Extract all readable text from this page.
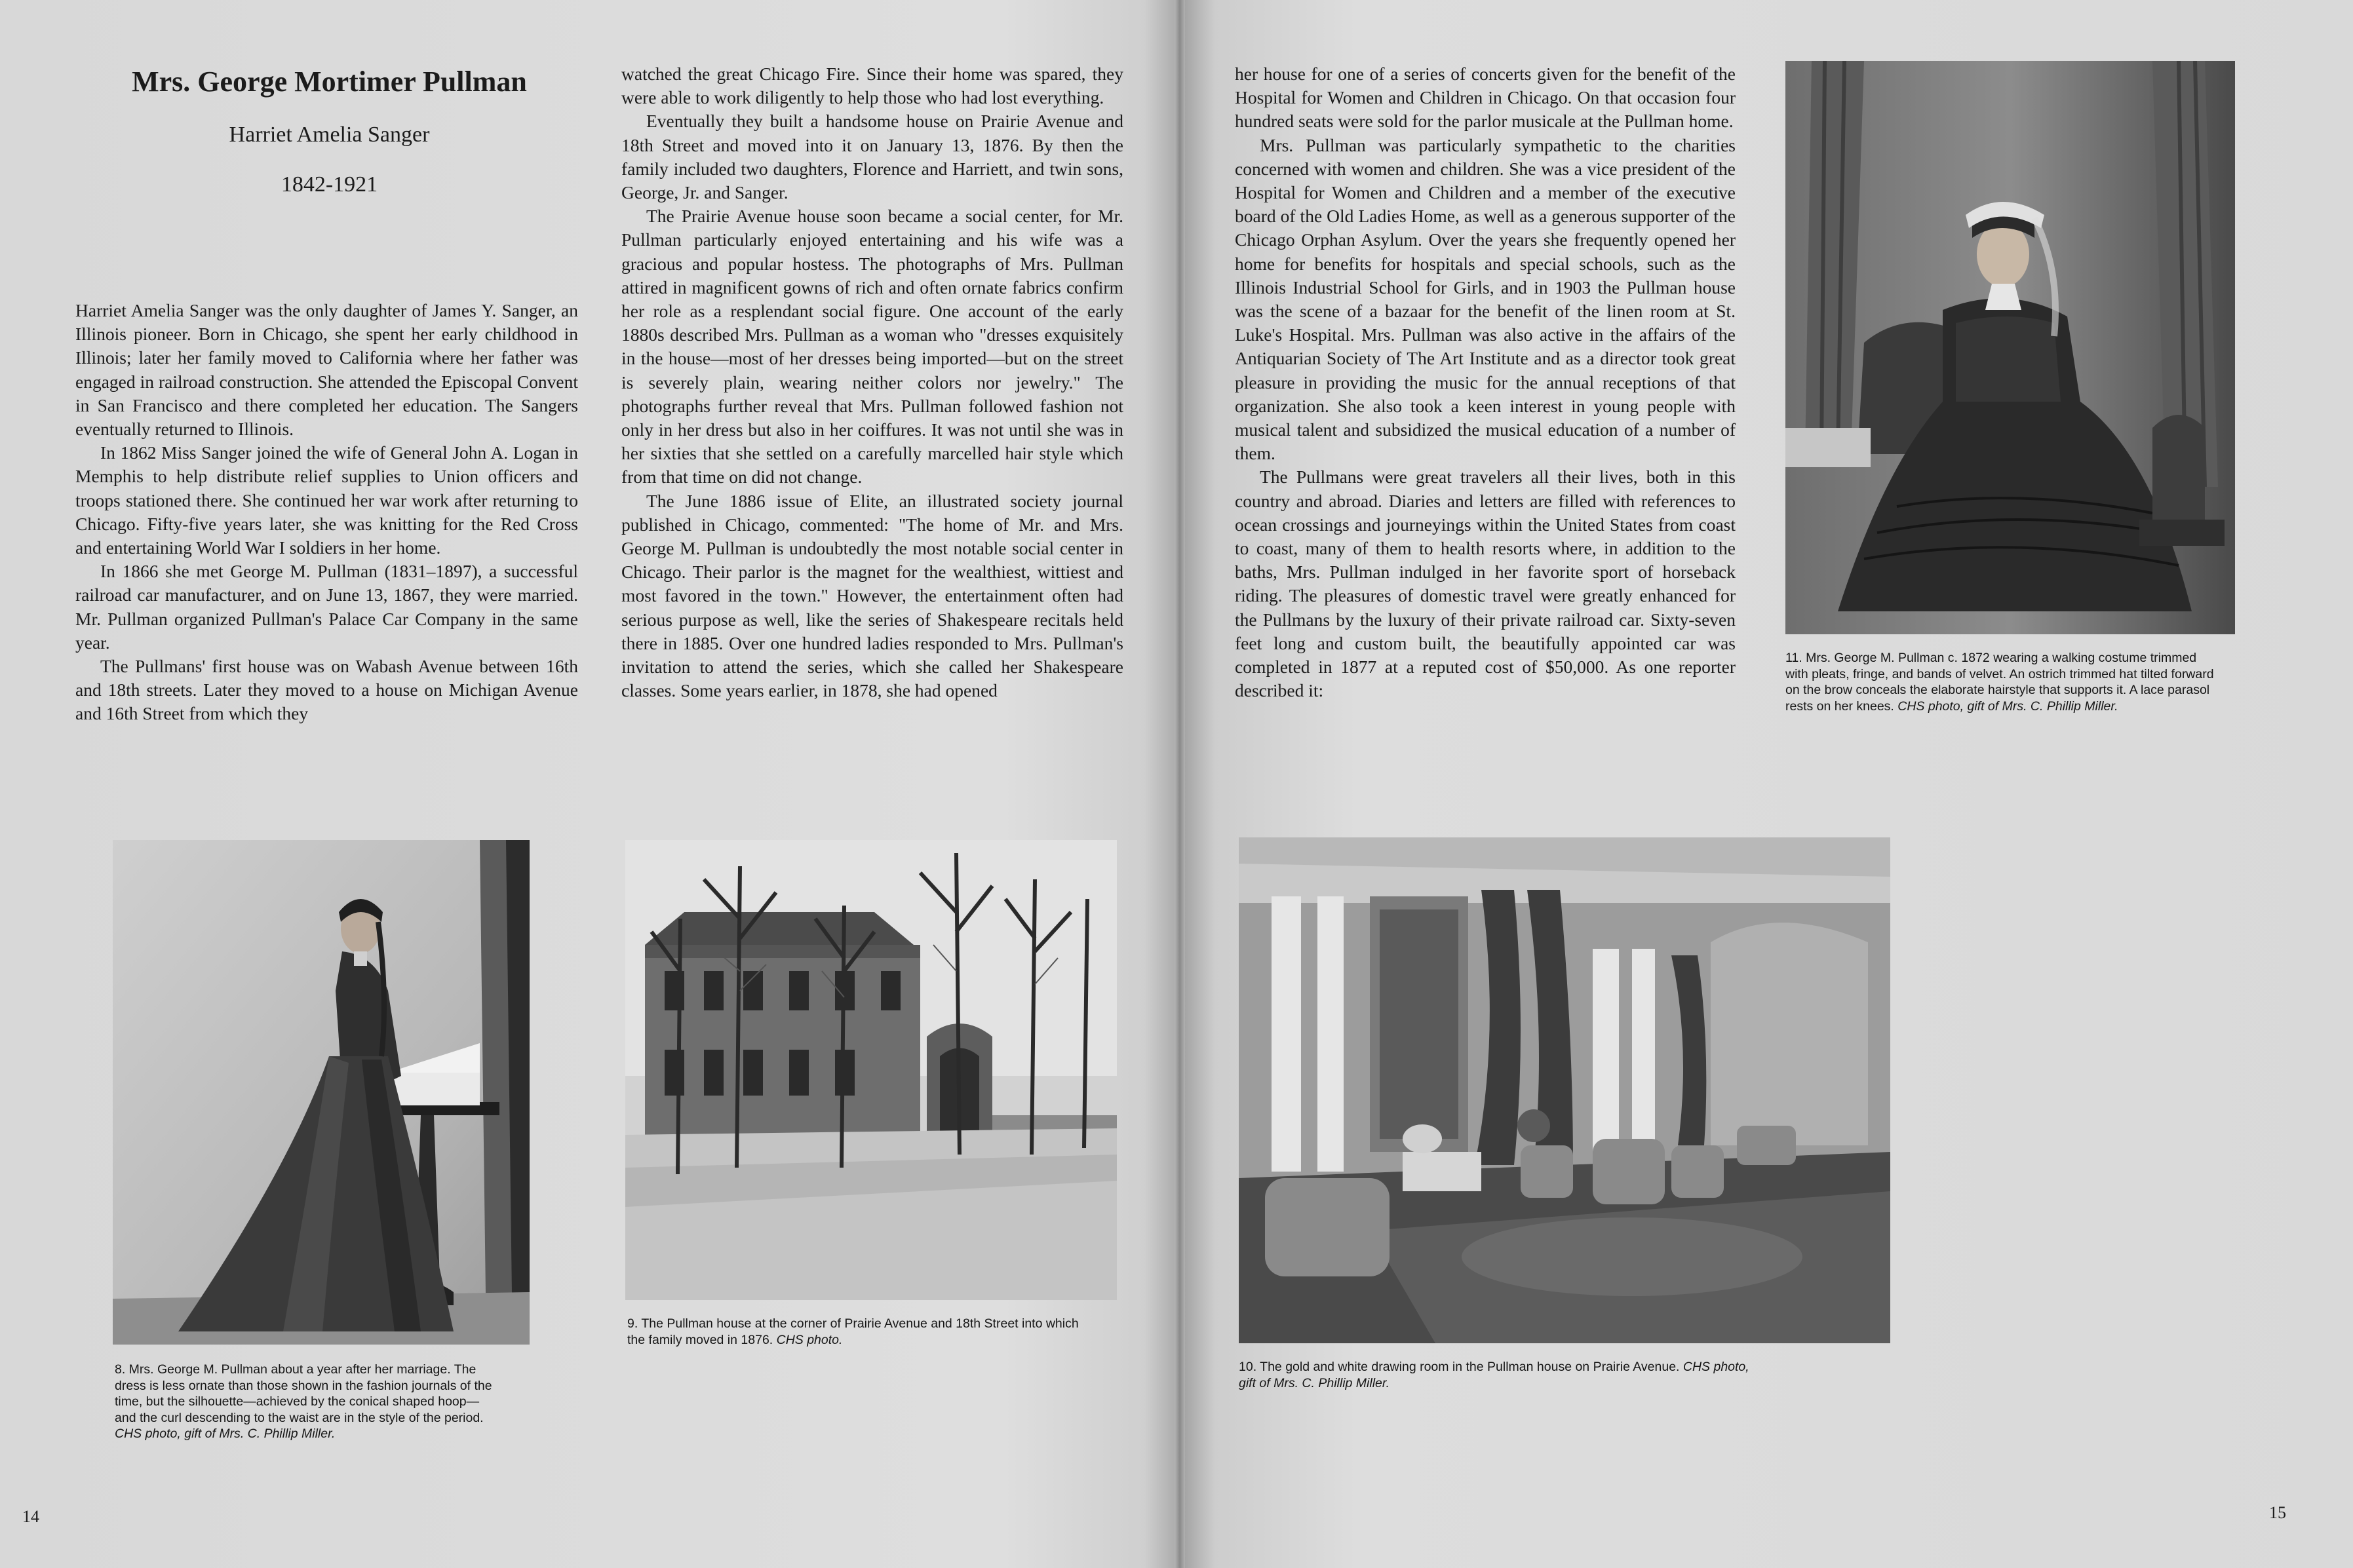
Mrs. George Mortimer Pullman
Harriet Amelia Sanger
1842-1921

Harriet Amelia Sanger was the only daughter of James Y. Sanger, an Illinois pioneer. Born in Chicago, she spent her early childhood in Illinois; later her family moved to California where her father was engaged in railroad construction. She attended the Episcopal Convent in San Francisco and there completed her education. The Sangers eventually returned to Illinois.

In 1862 Miss Sanger joined the wife of General John A. Logan in Memphis to help distribute relief supplies to Union officers and troops stationed there. She continued her war work after returning to Chicago. Fifty-five years later, she was knitting for the Red Cross and entertaining World War I soldiers in her home.

In 1866 she met George M. Pullman (1831–1897), a successful railroad car manufacturer, and on June 13, 1867, they were married. Mr. Pullman organized Pullman's Palace Car Company in the same year.

The Pullmans' first house was on Wabash Avenue between 16th and 18th streets. Later they moved to a house on Michigan Avenue and 16th Street from which they

watched the great Chicago Fire. Since their home was spared, they were able to work diligently to help those who had lost everything.

Eventually they built a handsome house on Prairie Avenue and 18th Street and moved into it on January 13, 1876. By then the family included two daughters, Florence and Harriett, and twin sons, George, Jr. and Sanger.

The Prairie Avenue house soon became a social center, for Mr. Pullman particularly enjoyed entertaining and his wife was a gracious and popular hostess. The photographs of Mrs. Pullman attired in magnificent gowns of rich and often ornate fabrics confirm her role as a resplendant social figure. One account of the early 1880s described Mrs. Pullman as a woman who "dresses exquisitely in the house—most of her dresses being imported—but on the street is severely plain, wearing neither colors nor jewelry." The photographs further reveal that Mrs. Pullman followed fashion not only in her dress but also in her coiffures. It was not until she was in her sixties that she settled on a carefully marcelled hair style which from that time on did not change.

The June 1886 issue of Elite, an illustrated society journal published in Chicago, commented: "The home of Mr. and Mrs. George M. Pullman is undoubtedly the most notable social center in Chicago. Their parlor is the magnet for the wealthiest, wittiest and most favored in the town." However, the entertainment often had serious purpose as well, like the series of Shakespeare recitals held there in 1885. Over one hundred ladies responded to Mrs. Pullman's invitation to attend the series, which she called her Shakespeare classes. Some years earlier, in 1878, she had opened

her house for one of a series of concerts given for the benefit of the Hospital for Women and Children in Chicago. On that occasion four hundred seats were sold for the parlor musicale at the Pullman home.

Mrs. Pullman was particularly sympathetic to the charities concerned with women and children. She was a vice president of the Hospital for Women and Children and a member of the executive board of the Old Ladies Home, as well as a generous supporter of the Chicago Orphan Asylum. Over the years she frequently opened her home for benefits for hospitals and special schools, such as the Illinois Industrial School for Girls, and in 1903 the Pullman house was the scene of a bazaar for the benefit of the linen room at St. Luke's Hospital. Mrs. Pullman was also active in the affairs of the Antiquarian Society of The Art Institute and as a director took great pleasure in providing the music for the annual receptions of that organization. She also took a keen interest in young people with musical talent and subsidized the musical education of a number of them.

The Pullmans were great travelers all their lives, both in this country and abroad. Diaries and letters are filled with references to ocean crossings and journeyings within the United States from coast to coast, many of them to health resorts where, in addition to the baths, Mrs. Pullman indulged in her favorite sport of horseback riding. The pleasures of domestic travel were greatly enhanced for the Pullmans by the luxury of their private railroad car. Sixty-seven feet long and custom built, the beautifully appointed car was completed in 1877 at a reputed cost of $50,000. As one reporter described it:

8. Mrs. George M. Pullman about a year after her marriage. The dress is less ornate than those shown in the fashion journals of the time, but the silhouette—achieved by the conical shaped hoop—and the curl descending to the waist are in the style of the period. CHS photo, gift of Mrs. C. Phillip Miller.
9. The Pullman house at the corner of Prairie Avenue and 18th Street into which the family moved in 1876. CHS photo.
10. The gold and white drawing room in the Pullman house on Prairie Avenue. CHS photo, gift of Mrs. C. Phillip Miller.
11. Mrs. George M. Pullman c. 1872 wearing a walking costume trimmed with pleats, fringe, and bands of velvet. An ostrich trimmed hat tilted forward on the brow conceals the elaborate hairstyle that supports it. A lace parasol rests on her knees. CHS photo, gift of Mrs. C. Phillip Miller.
14	15
